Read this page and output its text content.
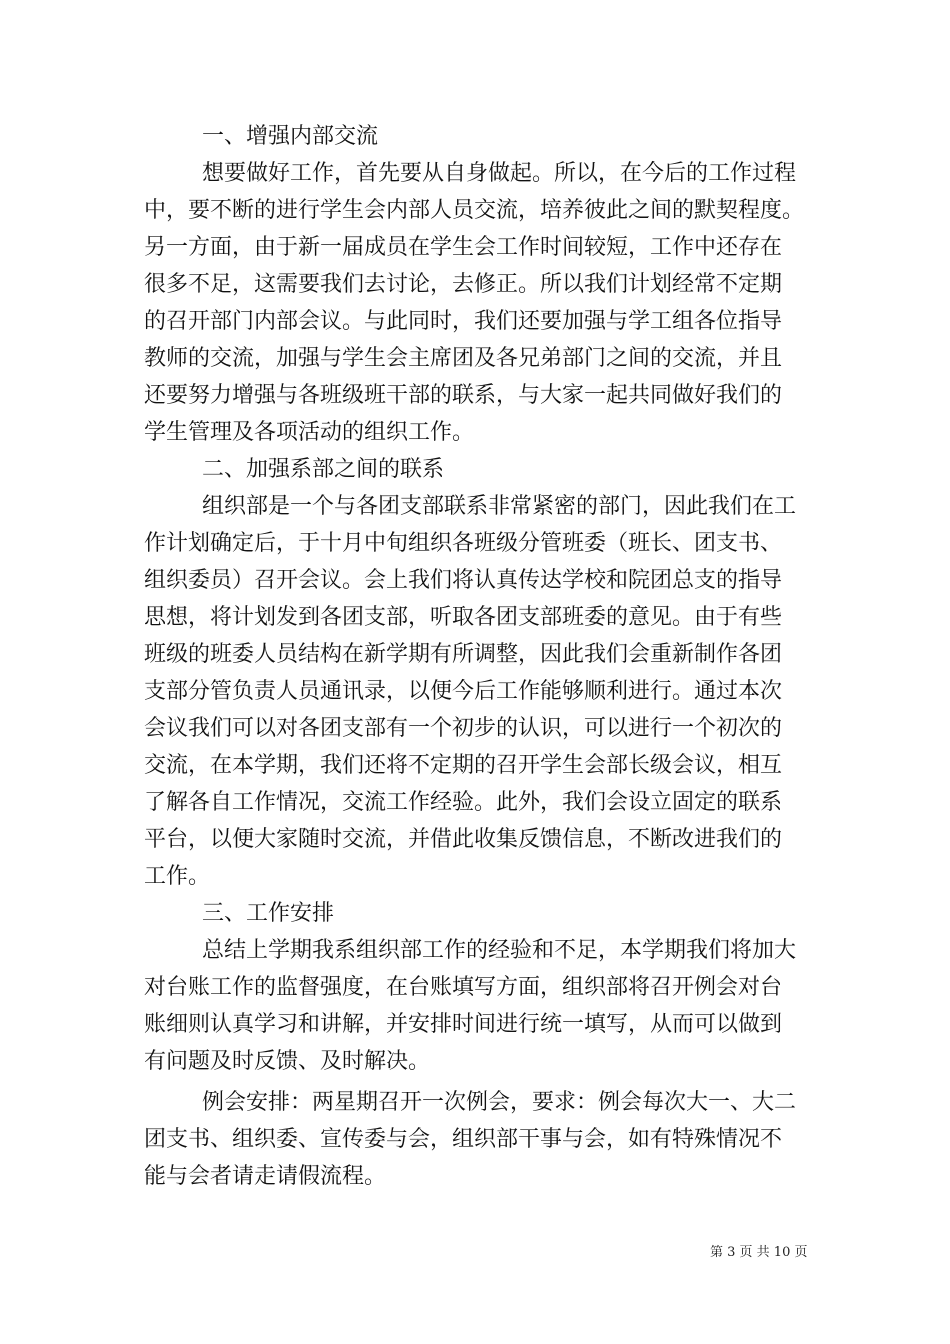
一、增强内部交流
想要做好工作，首先要从自身做起。所以，在今后的工作过程
中，要不断的进行学生会内部人员交流，培养彼此之间的默契程度。
另一方面，由于新一届成员在学生会工作时间较短，工作中还存在
很多不足，这需要我们去讨论，去修正。所以我们计划经常不定期
的召开部门内部会议。与此同时，我们还要加强与学工组各位指导
教师的交流，加强与学生会主席团及各兄弟部门之间的交流，并且
还要努力增强与各班级班干部的联系，与大家一起共同做好我们的
学生管理及各项活动的组织工作。
二、加强系部之间的联系
组织部是一个与各团支部联系非常紧密的部门，因此我们在工
作计划确定后，于十月中旬组织各班级分管班委（班长、团支书、
组织委员）召开会议。会上我们将认真传达学校和院团总支的指导
思想，将计划发到各团支部，听取各团支部班委的意见。由于有些
班级的班委人员结构在新学期有所调整，因此我们会重新制作各团
支部分管负责人员通讯录，以便今后工作能够顺利进行。通过本次
会议我们可以对各团支部有一个初步的认识，可以进行一个初次的
交流，在本学期，我们还将不定期的召开学生会部长级会议，相互
了解各自工作情况，交流工作经验。此外，我们会设立固定的联系
平台，以便大家随时交流，并借此收集反馈信息，不断改进我们的
工作。
三、工作安排
总结上学期我系组织部工作的经验和不足，本学期我们将加大
对台账工作的监督强度，在台账填写方面，组织部将召开例会对台
账细则认真学习和讲解，并安排时间进行统一填写，从而可以做到
有问题及时反馈、及时解决。
例会安排：两星期召开一次例会，要求：例会每次大一、大二
团支书、组织委、宣传委与会，组织部干事与会，如有特殊情况不
能与会者请走请假流程。
第 3 页 共 10 页
